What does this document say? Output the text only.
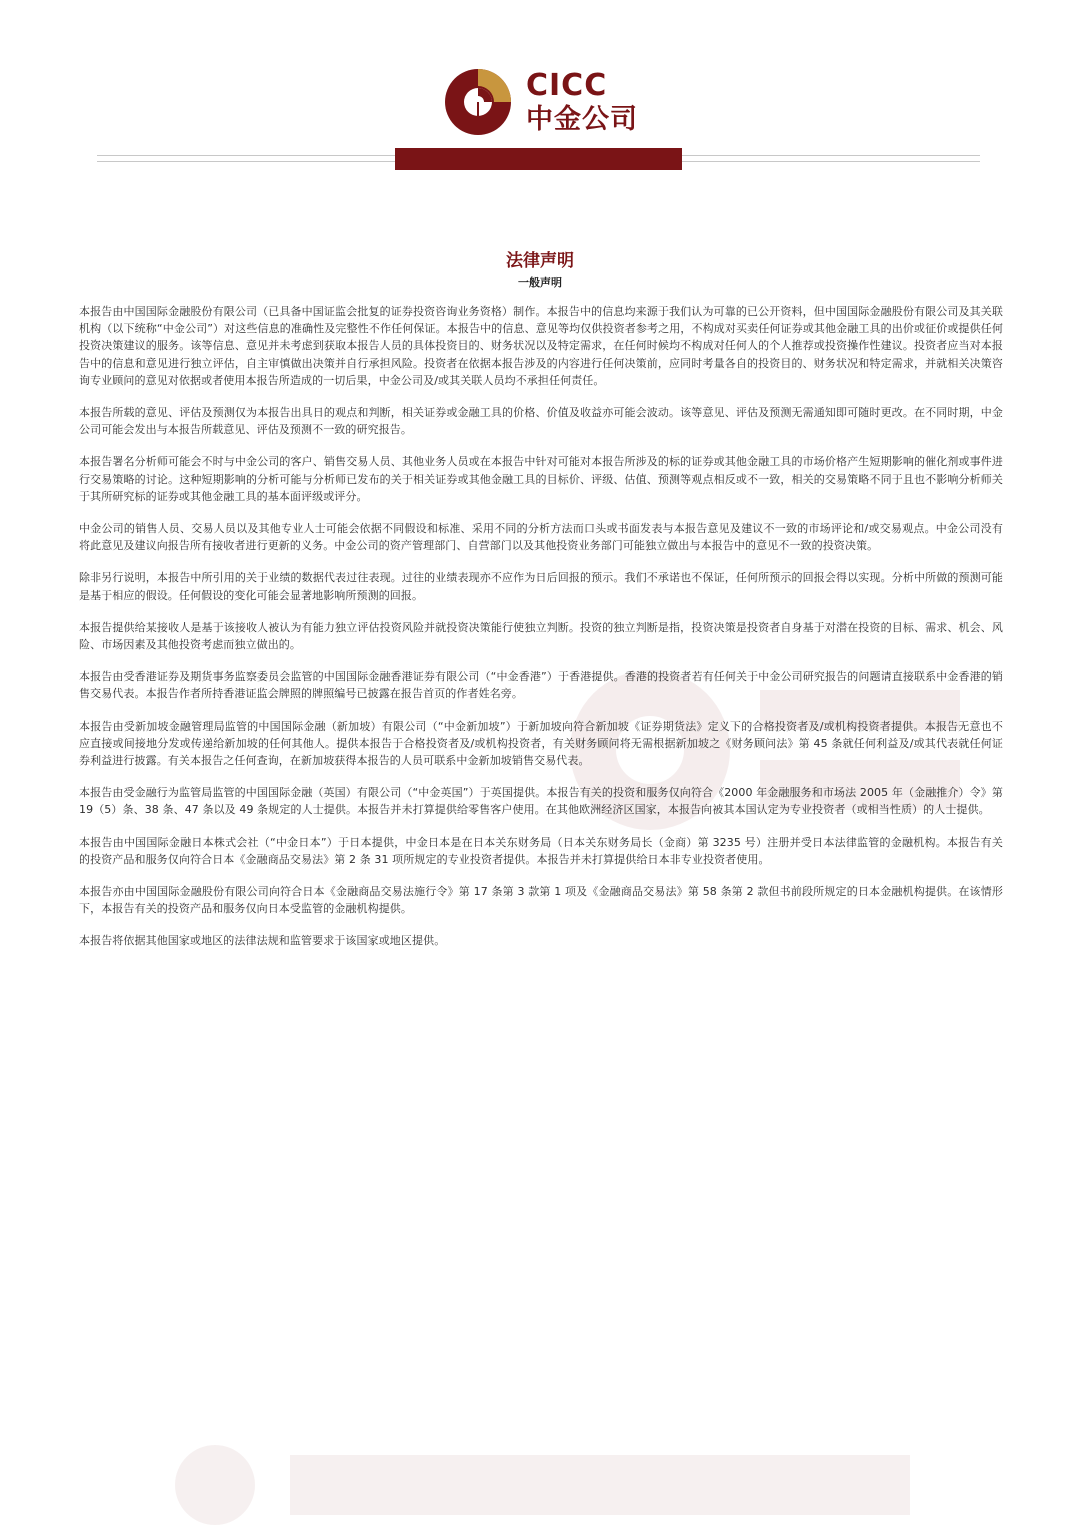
CICC
中金公司
法律声明
一般声明

本报告由中国国际金融股份有限公司（已具备中国证监会批复的证券投资咨询业务资格）制作。本报告中的信息均来源于我们认为可靠的已公开资料，但中国国际金融股份有限公司及其关联机构（以下统称“中金公司”）对这些信息的准确性及完整性不作任何保证。本报告中的信息、意见等均仅供投资者参考之用，不构成对买卖任何证券或其他金融工具的出价或征价或提供任何投资决策建议的服务。该等信息、意见并未考虑到获取本报告人员的具体投资目的、财务状况以及特定需求，在任何时候均不构成对任何人的个人推荐或投资操作性建议。投资者应当对本报告中的信息和意见进行独立评估，自主审慎做出决策并自行承担风险。投资者在依据本报告涉及的内容进行任何决策前，应同时考量各自的投资目的、财务状况和特定需求，并就相关决策咨询专业顾问的意见对依据或者使用本报告所造成的一切后果，中金公司及/或其关联人员均不承担任何责任。

本报告所载的意见、评估及预测仅为本报告出具日的观点和判断，相关证券或金融工具的价格、价值及收益亦可能会波动。该等意见、评估及预测无需通知即可随时更改。在不同时期，中金公司可能会发出与本报告所载意见、评估及预测不一致的研究报告。

本报告署名分析师可能会不时与中金公司的客户、销售交易人员、其他业务人员或在本报告中针对可能对本报告所涉及的标的证券或其他金融工具的市场价格产生短期影响的催化剂或事件进行交易策略的讨论。这种短期影响的分析可能与分析师已发布的关于相关证券或其他金融工具的目标价、评级、估值、预测等观点相反或不一致，相关的交易策略不同于且也不影响分析师关于其所研究标的证券或其他金融工具的基本面评级或评分。

中金公司的销售人员、交易人员以及其他专业人士可能会依据不同假设和标准、采用不同的分析方法而口头或书面发表与本报告意见及建议不一致的市场评论和/或交易观点。中金公司没有将此意见及建议向报告所有接收者进行更新的义务。中金公司的资产管理部门、自营部门以及其他投资业务部门可能独立做出与本报告中的意见不一致的投资决策。

除非另行说明，本报告中所引用的关于业绩的数据代表过往表现。过往的业绩表现亦不应作为日后回报的预示。我们不承诺也不保证，任何所预示的回报会得以实现。分析中所做的预测可能是基于相应的假设。任何假设的变化可能会显著地影响所预测的回报。

本报告提供给某接收人是基于该接收人被认为有能力独立评估投资风险并就投资决策能行使独立判断。投资的独立判断是指，投资决策是投资者自身基于对潜在投资的目标、需求、机会、风险、市场因素及其他投资考虑而独立做出的。

本报告由受香港证券及期货事务监察委员会监管的中国国际金融香港证券有限公司（“中金香港”）于香港提供。香港的投资者若有任何关于中金公司研究报告的问题请直接联系中金香港的销售交易代表。本报告作者所持香港证监会牌照的牌照编号已披露在报告首页的作者姓名旁。

本报告由受新加坡金融管理局监管的中国国际金融（新加坡）有限公司（“中金新加坡”）于新加坡向符合新加坡《证券期货法》定义下的合格投资者及/或机构投资者提供。本报告无意也不应直接或间接地分发或传递给新加坡的任何其他人。提供本报告于合格投资者及/或机构投资者，有关财务顾问将无需根据新加坡之《财务顾问法》第 45 条就任何利益及/或其代表就任何证券利益进行披露。有关本报告之任何查询，在新加坡获得本报告的人员可联系中金新加坡销售交易代表。

本报告由受金融行为监管局监管的中国国际金融（英国）有限公司（“中金英国”）于英国提供。本报告有关的投资和服务仅向符合《2000 年金融服务和市场法 2005 年（金融推介）令》第 19（5）条、38 条、47 条以及 49 条规定的人士提供。本报告并未打算提供给零售客户使用。在其他欧洲经济区国家，本报告向被其本国认定为专业投资者（或相当性质）的人士提供。

本报告由中国国际金融日本株式会社（“中金日本”）于日本提供，中金日本是在日本关东财务局（日本关东财务局长（金商）第 3235 号）注册并受日本法律监管的金融机构。本报告有关的投资产品和服务仅向符合日本《金融商品交易法》第 2 条 31 项所规定的专业投资者提供。本报告并未打算提供给日本非专业投资者使用。

本报告亦由中国国际金融股份有限公司向符合日本《金融商品交易法施行令》第 17 条第 3 款第 1 项及《金融商品交易法》第 58 条第 2 款但书前段所规定的日本金融机构提供。在该情形下，本报告有关的投资产品和服务仅向日本受监管的金融机构提供。

本报告将依据其他国家或地区的法律法规和监管要求于该国家或地区提供。
